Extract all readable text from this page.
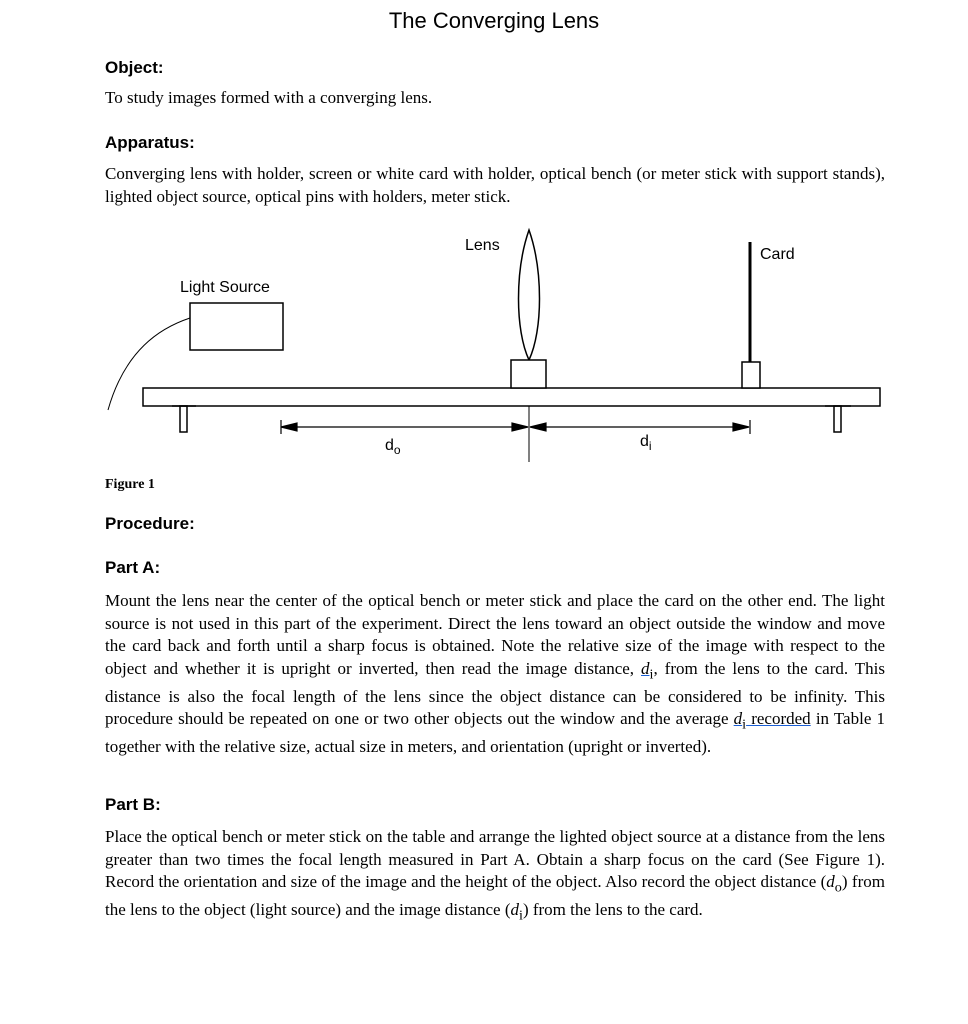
The Converging Lens
Object:
To study images formed with a converging lens.
Apparatus:
Converging lens with holder, screen or white card with holder, optical bench (or meter stick with support stands), lighted object source, optical pins with holders, meter stick.
Light Source
Lens
Card
$d_o$	$d_i$
Figure 1
Procedure:
Part A:
Mount the lens near the center of the optical bench or meter stick and place the card on the other end. The light source is not used in this part of the experiment. Direct the lens toward an object outside the window and move the card back and forth until a sharp focus is obtained. Note the relative size of the image with respect to the object and whether it is upright or inverted, then read the image distance, $d_i$, from the lens to the card. This distance is also the focal length of the lens since the object distance can be considered to be infinity. This procedure should be repeated on one or two other objects out the window and the average $d_i$ recorded in Table 1 together with the relative size, actual size in meters, and orientation (upright or inverted).
Part B:
Place the optical bench or meter stick on the table and arrange the lighted object source at a distance from the lens greater than two times the focal length measured in Part A. Obtain a sharp focus on the card (See Figure 1). Record the orientation and size of the image and the height of the object. Also record the object distance $(d_o)$ from the lens to the object (light source) and the image distance $(d_i)$ from the lens to the card.
